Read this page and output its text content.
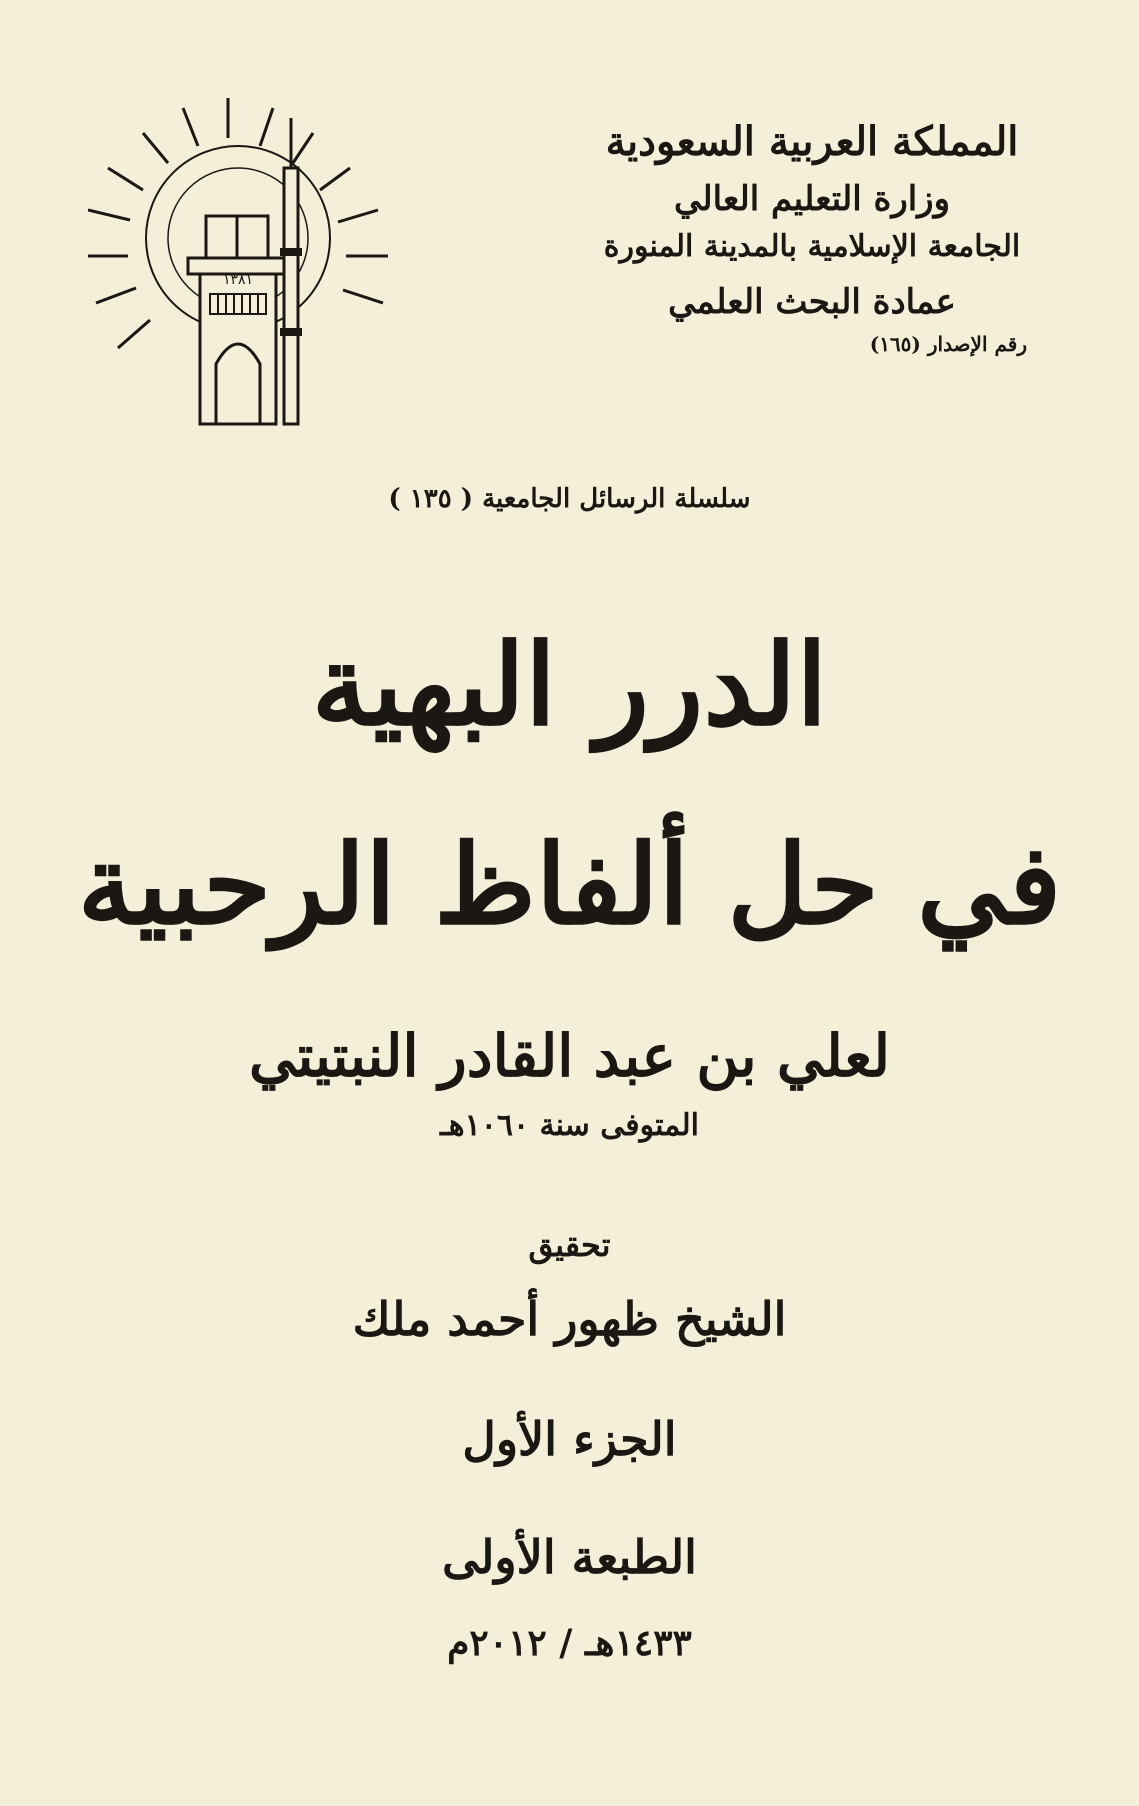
١٣٨١
المملكة العربية السعودية
وزارة التعليم العالي
الجامعة الإسلامية بالمدينة المنورة
عمادة البحث العلمي
رقم الإصدار (١٦٥)
سلسلة الرسائل الجامعية ( ١٣٥ )
الدرر البهية
في حل ألفاظ الرحبية
لعلي بن عبد القادر النبتيتي
المتوفى سنة ١٠٦٠هـ
تحقيق
الشيخ ظهور أحمد ملك
الجزء الأول
الطبعة الأولى
١٤٣٣هـ / ٢٠١٢م
